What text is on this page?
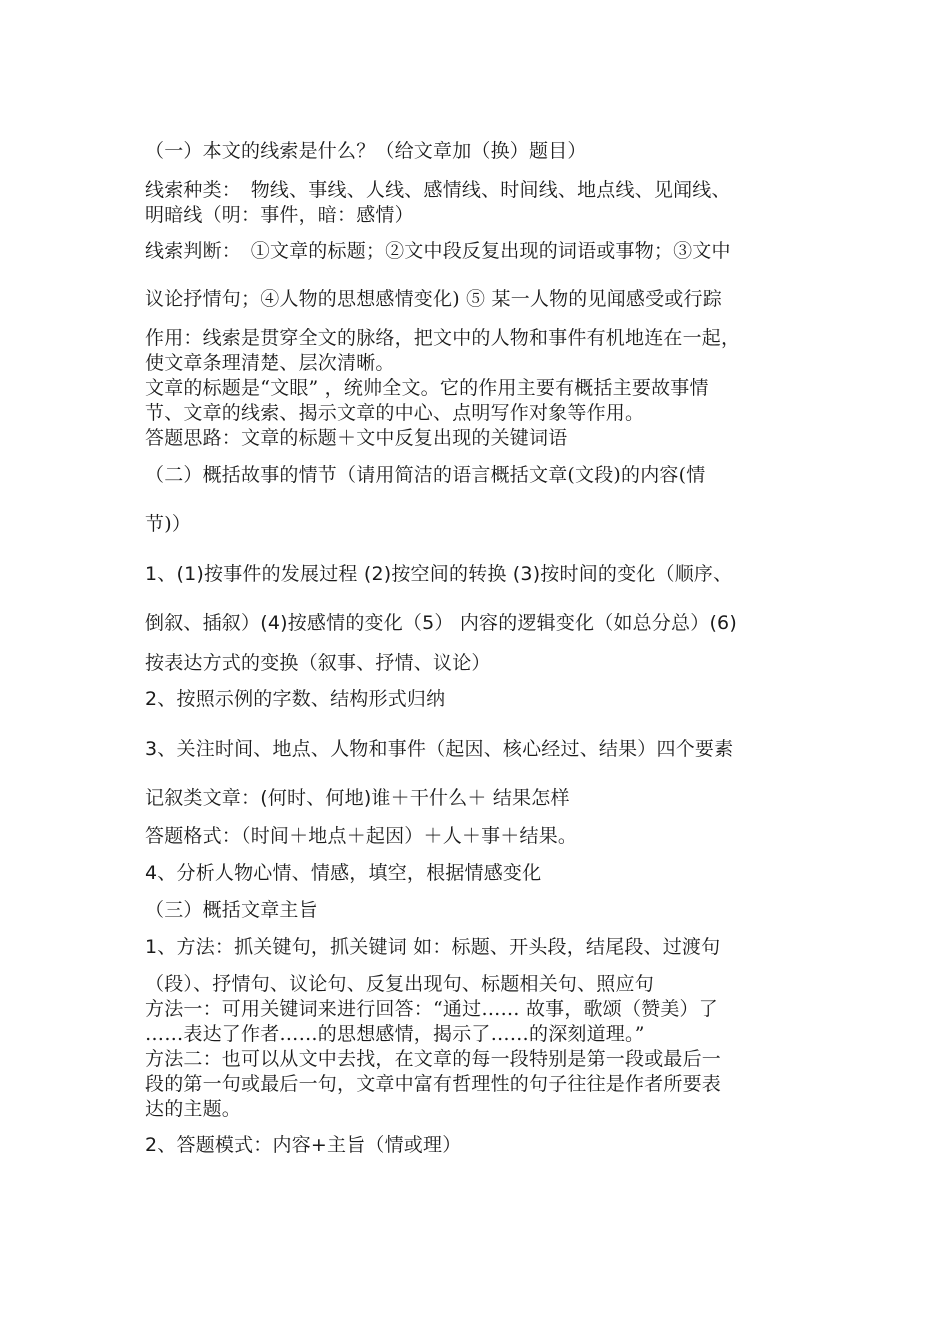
（一）本文的线索是什么？（给文章加（换）题目）
线索种类：　物线、事线、人线、感情线、时间线、地点线、见闻线、
明暗线（明：事件，暗：感情）
线索判断：　①文章的标题；②文中段反复出现的词语或事物；③文中
议论抒情句；④人物的思想感情变化) ⑤ 某一人物的见闻感受或行踪
作用：线索是贯穿全文的脉络，把文中的人物和事件有机地连在一起，
使文章条理清楚、层次清晰。
文章的标题是“文眼” ，统帅全文。它的作用主要有概括主要故事情
节、文章的线索、揭示文章的中心、点明写作对象等作用。
答题思路：文章的标题＋文中反复出现的关键词语
（二）概括故事的情节（请用简洁的语言概括文章(文段)的内容(情
节)）
1、(1)按事件的发展过程 (2)按空间的转换 (3)按时间的变化（顺序、
倒叙、插叙）(4)按感情的变化（5） 内容的逻辑变化（如总分总）(6)
按表达方式的变换（叙事、抒情、议论）
2、按照示例的字数、结构形式归纳
3、关注时间、地点、人物和事件（起因、核心经过、结果）四个要素
记叙类文章：(何时、何地)谁＋干什么＋ 结果怎样
答题格式：（时间＋地点＋起因）＋人＋事＋结果。
4、分析人物心情、情感，填空，根据情感变化
（三）概括文章主旨
1、方法：抓关键句，抓关键词 如：标题、开头段，结尾段、过渡句
（段）、抒情句、议论句、反复出现句、标题相关句、照应句
方法一：可用关键词来进行回答：“通过…… 故事，歌颂（赞美）了
……表达了作者……的思想感情，揭示了……的深刻道理。”
方法二：也可以从文中去找，在文章的每一段特别是第一段或最后一
段的第一句或最后一句，文章中富有哲理性的句子往往是作者所要表
达的主题。
2、答题模式：内容+主旨（情或理）
